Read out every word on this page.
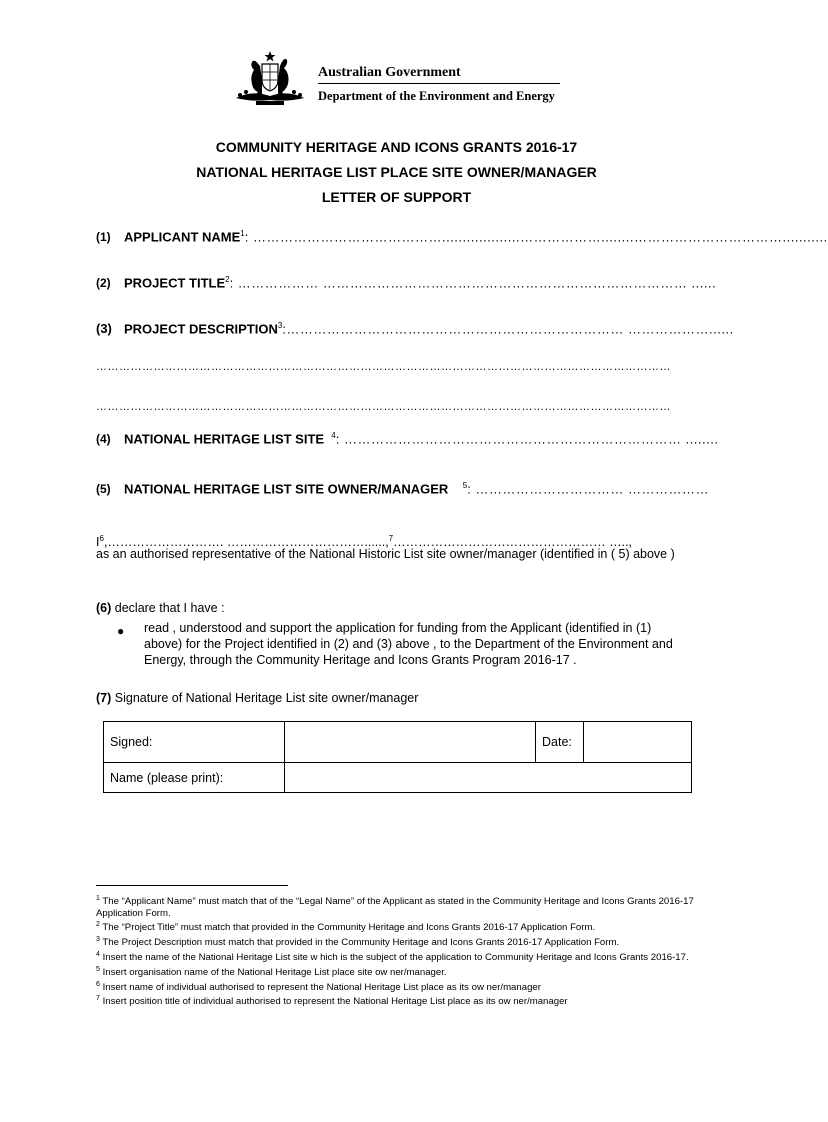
Australian Government
Department of the Environment and Energy
COMMUNITY HERITAGE AND ICONS GRANTS 2016-17
NATIONAL HERITAGE LIST PLACE SITE OWNER/MANAGER
LETTER OF SUPPORT
(1) APPLICANT NAME$^1$: ……………………………………...................………………........……………………………...........
(2) PROJECT TITLE$^2$: ……………… ……………………………………………………………………… ......
(3) PROJECT DESCRIPTION$^3$:………………………………………………………………… ………………......
……………………………………………………………………………………………………………………………………
……………………………………………………………………………………………………………………………………
(4) NATIONAL HERITAGE LIST SITE $^4$: ………………………………………………………………… ........
(5) NATIONAL HERITAGE LIST SITE OWNER/MANAGER $^5$: …………………………… ………………
$I^6,\dots\dots\dots\dots\dots\dots\dots\dots\dots$. ……………………………......,$^7$…………………………………………… …..,
as an authorised representative of the National Historic List site owner/manager (identified in ( 5) above )
(6) declare that I have :
● read , understood and support the application for funding from the Applicant (identified in (1) above) for the Project identified in (2) and (3) above , to the Department of the Environment and Energy, through the Community Heritage and Icons Grants Program 2016-17 .
(7) Signature of National Heritage List site owner/manager
Signed:		Date:	
Name (please print):			
$^1$ The “Applicant Name” must match that of the “Legal Name” of the Applicant as stated in the Community Heritage and Icons Grants 2016-17 Application Form.
$^2$ The “Project Title” must match that provided in the Community Heritage and Icons Grants 2016-17 Application Form.
$^3$ The Project Description must match that provided in the Community Heritage and Icons Grants 2016-17 Application Form.
$^4$ Insert the name of the National Heritage List site w hich is the subject of the application to Community Heritage and Icons Grants 2016-17.
$^5$ Insert organisation name of the National Heritage List place site ow ner/manager.
$^6$ Insert name of individual authorised to represent the National Heritage List place as its ow ner/manager
$^7$ Insert position title of individual authorised to represent the National Heritage List place as its ow ner/manager
